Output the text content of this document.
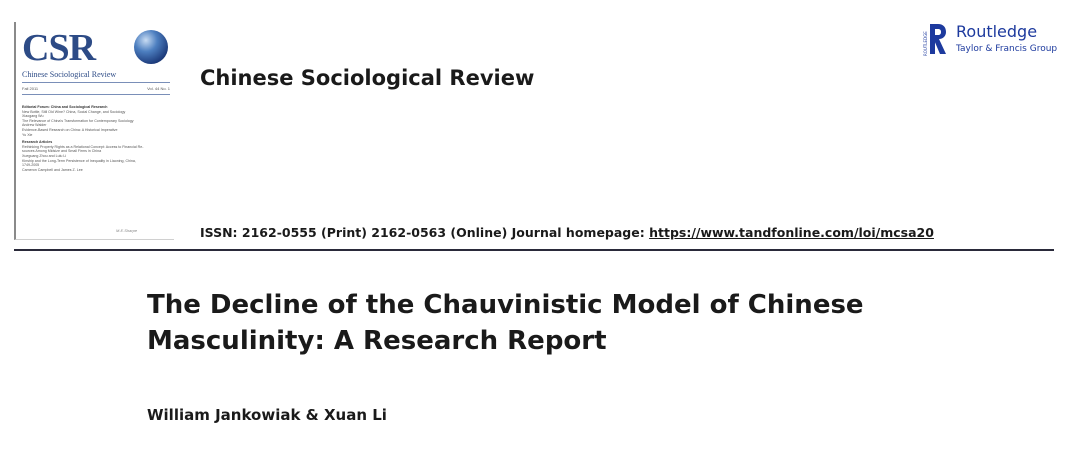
CSR
Chinese Sociological Review
Fall 2011	Vol. 44 No. 1
Editorial Forum: China and Sociological Research
New Bottle, Still Old Wine? China, Social Change, and Sociology
Xiaogang Wu
The Relevance of China's Transformation for Contemporary Sociology
Andrew Walder
Evidence-Based Research on China: A Historical Imperative
Yu Xie
Research Articles
Rethinking Property Rights as a Relational Concept: Access to Financial Re-
sources Among Midsize and Small Firms in China
Xueguang Zhou and Lulu Li
Kinship and the Long-Term Persistence of Inequality in Liaoning, China,
1749-2005
Cameron Campbell and James Z. Lee
M.E.Sharpe
Chinese Sociological Review
ROUTLEDGE Routledge
Taylor & Francis Group
ISSN: 2162-0555 (Print) 2162-0563 (Online) Journal homepage: https://www.tandfonline.com/loi/mcsa20
The Decline of the Chauvinistic Model of Chinese Masculinity: A Research Report

William Jankowiak & Xuan Li
